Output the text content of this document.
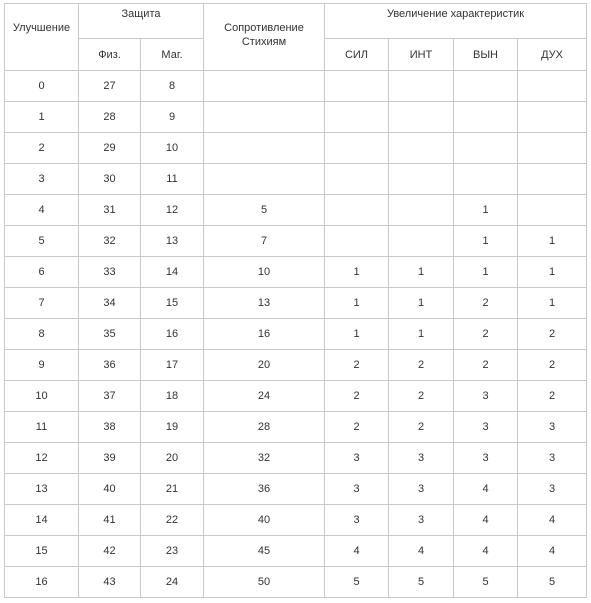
Улучшение	Защита		Сопротивление
Стихиям	Увеличение характеристик			
	Физ.	Маг.		СИЛ	ИНТ	ВЫН	ДУХ
0	27	8					
1	28	9					
2	29	10					
3	30	11					
4	31	12	5			1	
5	32	13	7			1	1
6	33	14	10	1	1	1	1
7	34	15	13	1	1	2	1
8	35	16	16	1	1	2	2
9	36	17	20	2	2	2	2
10	37	18	24	2	2	3	2
11	38	19	28	2	2	3	3
12	39	20	32	3	3	3	3
13	40	21	36	3	3	4	3
14	41	22	40	3	3	4	4
15	42	23	45	4	4	4	4
16	43	24	50	5	5	5	5
